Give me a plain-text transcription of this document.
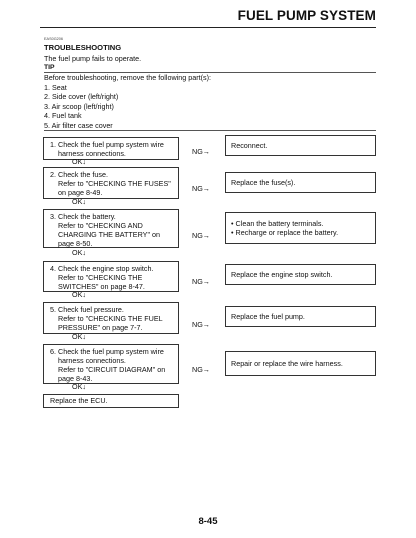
FUEL PUMP SYSTEM
EAS0G206
TROUBLESHOOTING
The fuel pump fails to operate.
TIP
Before troubleshooting, remove the following part(s):
1. Seat
2. Side cover (left/right)
3. Air scoop (left/right)
4. Fuel tank
5. Air filter case cover
1. Check the fuel pump system wire
harness connections.	NG→
Reconnect.
OK↓
2. Check the fuse.
Refer to "CHECKING THE FUSES"
on page 8-49.	NG→
Replace the fuse(s).
OK↓
3. Check the battery.
Refer to "CHECKING AND
CHARGING THE BATTERY" on
page 8-50.
NG→
• Clean the battery terminals.
• Recharge or replace the battery.
OK↓
4. Check the engine stop switch.
Refer to "CHECKING THE
SWITCHES" on page 8-47.
NG→
Replace the engine stop switch.
OK↓
5. Check fuel pressure.
Refer to "CHECKING THE FUEL
PRESSURE" on page 7-7.	NG→
Replace the fuel pump.
OK↓
6. Check the fuel pump system wire
harness connections.
Refer to "CIRCUIT DIAGRAM" on
page 8-43.
NG→
Repair or replace the wire harness.
OK↓
Replace the ECU.
8-45
